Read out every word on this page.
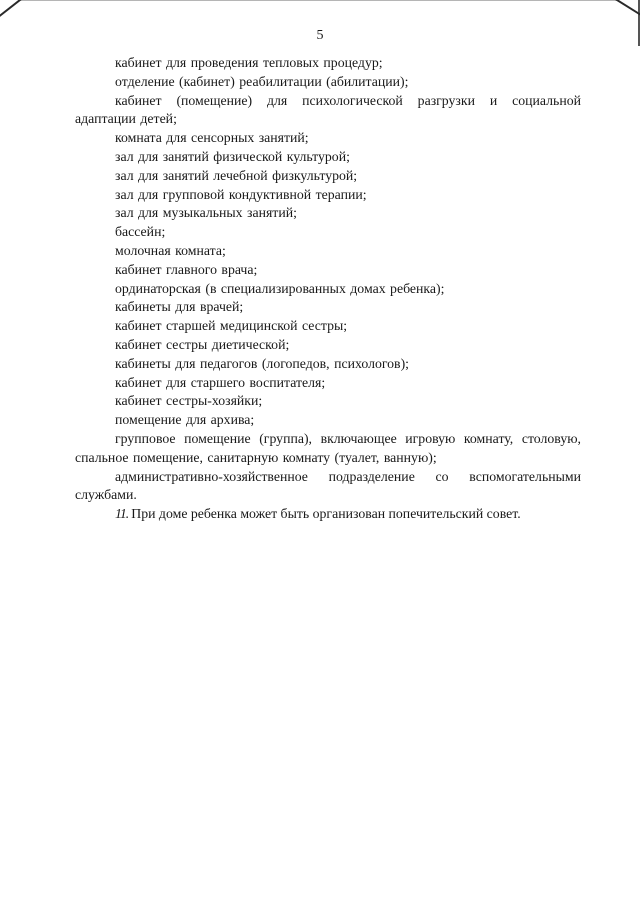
5

кабинет для проведения тепловых процедур;

отделение (кабинет) реабилитации (абилитации);

кабинет (помещение) для психологической разгрузки и социальной адаптации детей;

комната для сенсорных занятий;

зал для занятий физической культурой;

зал для занятий лечебной физкультурой;

зал для групповой кондуктивной терапии;

зал для музыкальных занятий;

бассейн;

молочная комната;

кабинет главного врача;

ординаторская (в специализированных домах ребенка);

кабинеты для врачей;

кабинет старшей медицинской сестры;

кабинет сестры диетической;

кабинеты для педагогов (логопедов, психологов);

кабинет для старшего воспитателя;

кабинет сестры-хозяйки;

помещение для архива;

групповое помещение (группа), включающее игровую комнату, столовую, спальное помещение, санитарную комнату (туалет, ванную);

административно-хозяйственное подразделение со вспомогательными службами.

11. При доме ребенка может быть организован попечительский совет.
